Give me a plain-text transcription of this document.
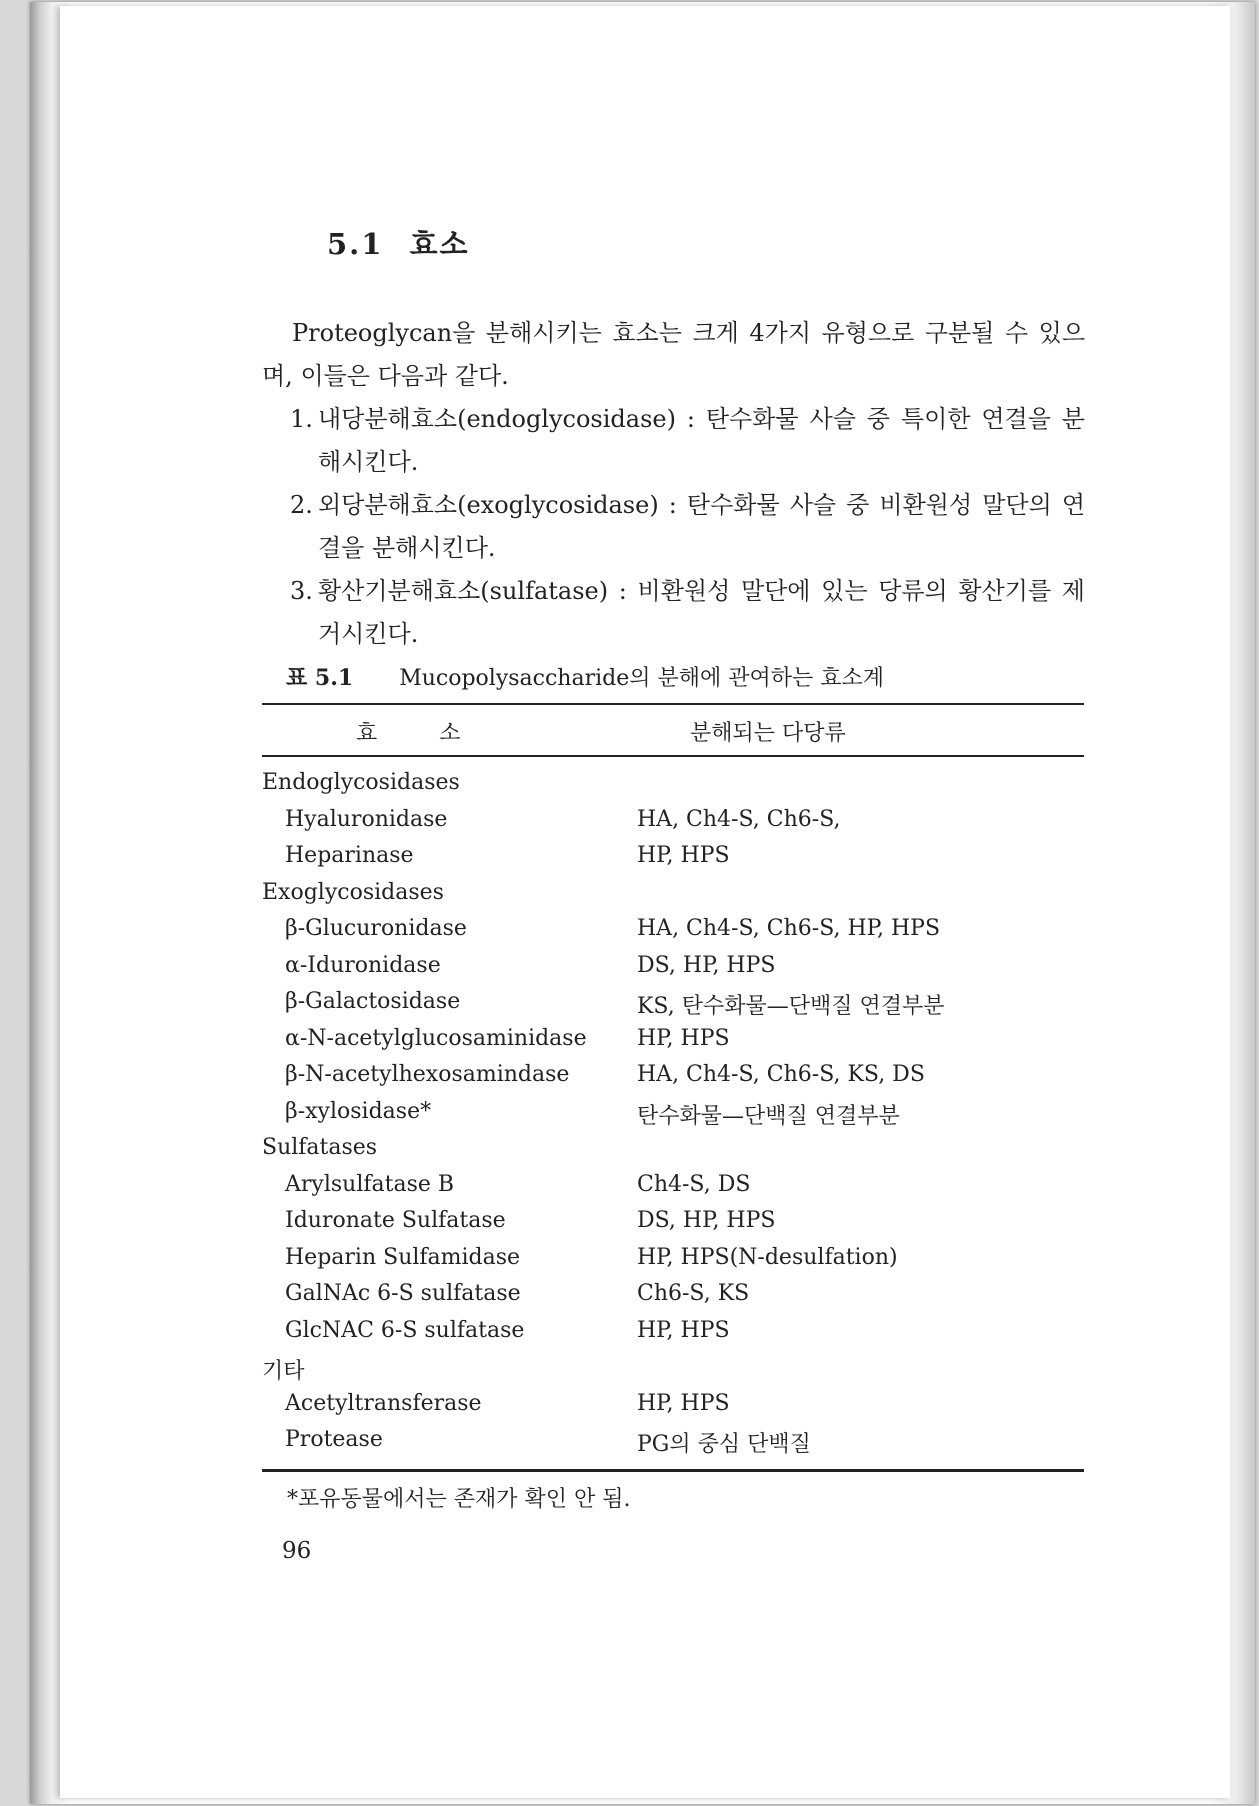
5.1 효소
Proteoglycan을 분해시키는 효소는 크게 4가지 유형으로 구분될 수 있으며, 이들은 다음과 같다.
1. 내당분해효소(endoglycosidase) : 탄수화물 사슬 중 특이한 연결을 분해시킨다.
2. 외당분해효소(exoglycosidase) : 탄수화물 사슬 중 비환원성 말단의 연결을 분해시킨다.
3. 황산기분해효소(sulfatase) : 비환원성 말단에 있는 당류의 황산기를 제거시킨다.
표 5.1 Mucopolysaccharide의 분해에 관여하는 효소계
효소	분해되는 다당류
Endoglycosidases
Hyaluronidase	HA, Ch4-S, Ch6-S,
Heparinase	HP, HPS
Exoglycosidases
β-Glucuronidase	HA, Ch4-S, Ch6-S, HP, HPS
α-Iduronidase	DS, HP, HPS
β-Galactosidase	KS, 탄수화물—단백질 연결부분
α-N-acetylglucosaminidase HP, HPS
β-N-acetylhexosamindase	HA, Ch4-S, Ch6-S, KS, DS
β-xylosidase*	탄수화물—단백질 연결부분
Sulfatases
Arylsulfatase B	Ch4-S, DS
Iduronate Sulfatase	DS, HP, HPS
Heparin Sulfamidase	HP, HPS(N-desulfation)
GalNAc 6-S sulfatase	Ch6-S, KS
GlcNAC 6-S sulfatase	HP, HPS
기타
Acetyltransferase	HP, HPS
Protease	PG의 중심 단백질
*포유동물에서는 존재가 확인 안 됨.
96
